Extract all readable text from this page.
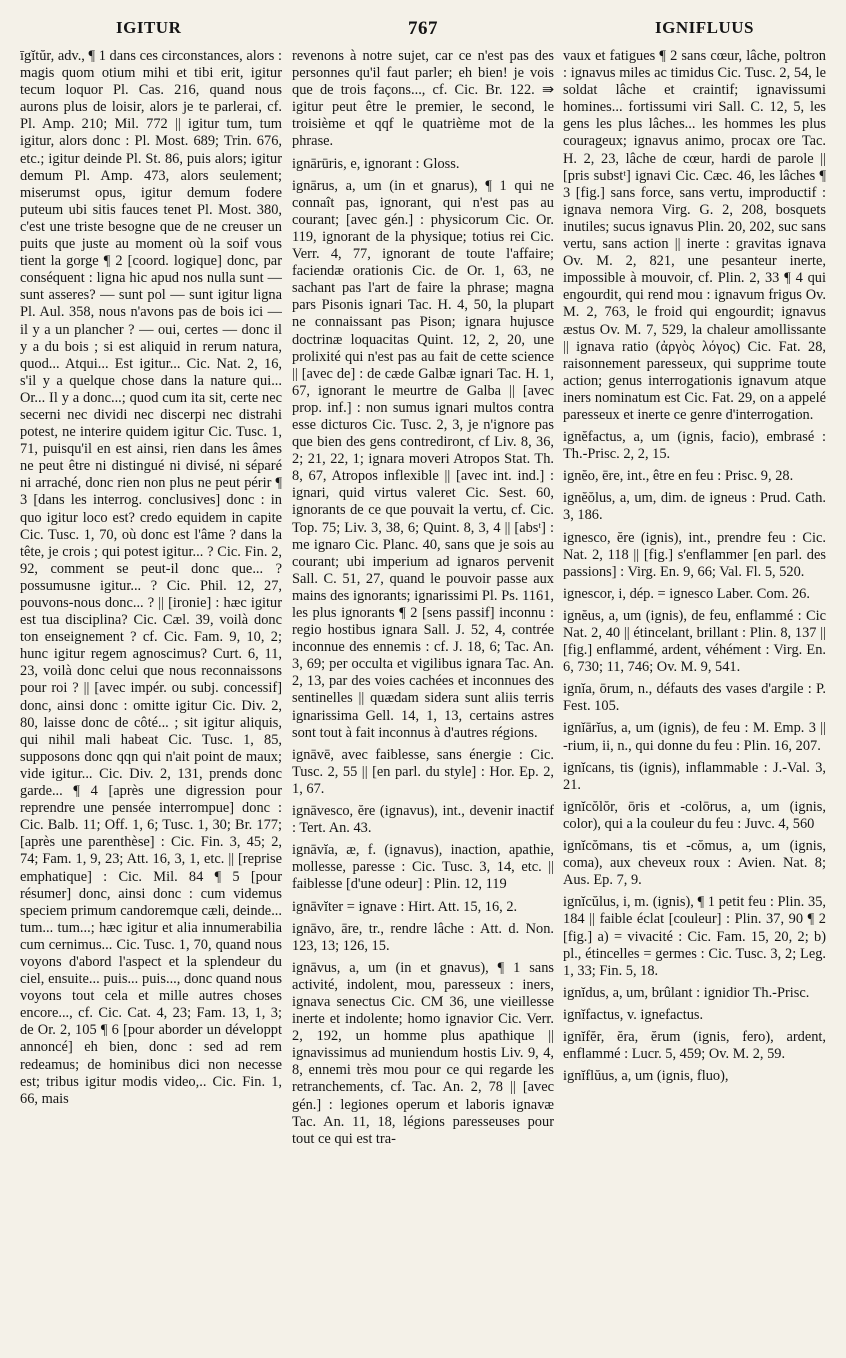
IGITUR	767	IGNIFLUUS

īgĭtŭr, adv., ¶ 1 dans ces circonstances, alors : magis quom otium mihi et tibi erit, igitur tecum loquor Pl. Cas. 216, quand nous aurons plus de loisir, alors je te parlerai, cf. Pl. Amp. 210; Mil. 772 || igitur tum, tum igitur, alors donc : Pl. Most. 689; Trin. 676, etc.; igitur deinde Pl. St. 86, puis alors; igitur demum Pl. Amp. 473, alors seulement; miserumst opus, igitur demum fodere puteum ubi sitis fauces tenet Pl. Most. 380, c'est une triste besogne que de ne creuser un puits que juste au moment où la soif vous tient la gorge ¶ 2 [coord. logique] donc, par conséquent : ligna hic apud nos nulla sunt — sunt asseres? — sunt pol — sunt igitur ligna Pl. Aul. 358, nous n'avons pas de bois ici — il y a un plancher ? — oui, certes — donc il y a du bois ; si est aliquid in rerum natura, quod... Atqui... Est igitur... Cic. Nat. 2, 16, s'il y a quelque chose dans la nature qui... Or... Il y a donc...; quod cum ita sit, certe nec secerni nec dividi nec discerpi nec distrahi potest, ne interire quidem igitur Cic. Tusc. 1, 71, puisqu'il en est ainsi, rien dans les âmes ne peut être ni distingué ni divisé, ni séparé ni arraché, donc rien non plus ne peut périr ¶ 3 [dans les interrog. conclusives] donc : in quo igitur loco est? credo equidem in capite Cic. Tusc. 1, 70, où donc est l'âme ? dans la tête, je crois ; qui potest igitur... ? Cic. Fin. 2, 92, comment se peut-il donc que... ? possumusne igitur... ? Cic. Phil. 12, 27, pouvons-nous donc... ? || [ironie] : hæc igitur est tua disciplina? Cic. Cæl. 39, voilà donc ton enseignement ? cf. Cic. Fam. 9, 10, 2; hunc igitur regem agnoscimus? Curt. 6, 11, 23, voilà donc celui que nous reconnaissons pour roi ? || [avec impér. ou subj. concessif] donc, ainsi donc : omitte igitur Cic. Div. 2, 80, laisse donc de côté... ; sit igitur aliquis, qui nihil mali habeat Cic. Tusc. 1, 85, supposons donc qqn qui n'ait point de maux; vide igitur... Cic. Div. 2, 131, prends donc garde... ¶ 4 [après une digression pour reprendre une pensée interrompue] donc : Cic. Balb. 11; Off. 1, 6; Tusc. 1, 30; Br. 177; [après une parenthèse] : Cic. Fin. 3, 45; 2, 74; Fam. 1, 9, 23; Att. 16, 3, 1, etc. || [reprise emphatique] : Cic. Mil. 84 ¶ 5 [pour résumer] donc, ainsi donc : cum videmus speciem primum candoremque cæli, deinde... tum... tum...; hæc igitur et alia innumerabilia cum cernimus... Cic. Tusc. 1, 70, quand nous voyons d'abord l'aspect et la splendeur du ciel, ensuite... puis... puis..., donc quand nous voyons tout cela et mille autres choses encore..., cf. Cic. Cat. 4, 23; Fam. 13, 1, 3; de Or. 2, 105 ¶ 6 [pour aborder un développt annoncé] eh bien, donc : sed ad rem redeamus; de hominibus dici non necesse est; tribus igitur modis video,.. Cic. Fin. 1, 66, mais

revenons à notre sujet, car ce n'est pas des personnes qu'il faut parler; eh bien! je vois que de trois façons..., cf. Cic. Br. 122. ⇛ igitur peut être le premier, le second, le troisième et qqf le quatrième mot de la phrase.

ignārūris, e, ignorant : Gloss.

ignārus, a, um (in et gnarus), ¶ 1 qui ne connaît pas, ignorant, qui n'est pas au courant; [avec gén.] : physicorum Cic. Or. 119, ignorant de la physique; totius rei Cic. Verr. 4, 77, ignorant de toute l'affaire; faciendæ orationis Cic. de Or. 1, 63, ne sachant pas l'art de faire la phrase; magna pars Pisonis ignari Tac. H. 4, 50, la plupart ne connaissant pas Pison; ignara hujusce doctrinæ loquacitas Quint. 12, 2, 20, une prolixité qui n'est pas au fait de cette science || [avec de] : de cæde Galbæ ignari Tac. H. 1, 67, ignorant le meurtre de Galba || [avec prop. inf.] : non sumus ignari multos contra esse dicturos Cic. Tusc. 2, 3, je n'ignore pas que bien des gens contrediront, cf Liv. 8, 36, 2; 21, 22, 1; ignara moveri Atropos Stat. Th. 8, 67, Atropos inflexible || [avec int. ind.] : ignari, quid virtus valeret Cic. Sest. 60, ignorants de ce que pouvait la vertu, cf. Cic. Top. 75; Liv. 3, 38, 6; Quint. 8, 3, 4 || [absᵗ] : me ignaro Cic. Planc. 40, sans que je sois au courant; ubi imperium ad ignaros pervenit Sall. C. 51, 27, quand le pouvoir passe aux mains des ignorants; ignarissimi Pl. Ps. 1161, les plus ignorants ¶ 2 [sens passif] inconnu : regio hostibus ignara Sall. J. 52, 4, contrée inconnue des ennemis : cf. J. 18, 6; Tac. An. 3, 69; per occulta et vigilibus ignara Tac. An. 2, 13, par des voies cachées et inconnues des sentinelles || quædam sidera sunt aliis terris ignarissima Gell. 14, 1, 13, certains astres sont tout à fait inconnus à d'autres régions.

ignāvē, avec faiblesse, sans énergie : Cic. Tusc. 2, 55 || [en parl. du style] : Hor. Ep. 2, 1, 67.

ignāvesco, ĕre (ignavus), int., devenir inactif : Tert. An. 43.

ignāvĭa, æ, f. (ignavus), inaction, apathie, mollesse, paresse : Cic. Tusc. 3, 14, etc. || faiblesse [d'une odeur] : Plin. 12, 119

ignāvĭter = ignave : Hirt. Att. 15, 16, 2.

ignāvo, āre, tr., rendre lâche : Att. d. Non. 123, 13; 126, 15.

ignāvus, a, um (in et gnavus), ¶ 1 sans activité, indolent, mou, paresseux : iners, ignava senectus Cic. CM 36, une vieillesse inerte et indolente; homo ignavior Cic. Verr. 2, 192, un homme plus apathique || ignavissimus ad muniendum hostis Liv. 9, 4, 8, ennemi très mou pour ce qui regarde les retranchements, cf. Tac. An. 2, 78 || [avec gén.] : legiones operum et laboris ignavæ Tac. An. 11, 18, légions paresseuses pour tout ce qui est tra-

vaux et fatigues ¶ 2 sans cœur, lâche, poltron : ignavus miles ac timidus Cic. Tusc. 2, 54, le soldat lâche et craintif; ignavissumi homines... fortissumi viri Sall. C. 12, 5, les gens les plus lâches... les hommes les plus courageux; ignavus animo, procax ore Tac. H. 2, 23, lâche de cœur, hardi de parole || [pris substᵗ] ignavi Cic. Cæc. 46, les lâches ¶ 3 [fig.] sans force, sans vertu, improductif : ignava nemora Virg. G. 2, 208, bosquets inutiles; sucus ignavus Plin. 20, 202, suc sans vertu, sans action || inerte : gravitas ignava Ov. M. 2, 821, une pesanteur inerte, impossible à mouvoir, cf. Plin. 2, 33 ¶ 4 qui engourdit, qui rend mou : ignavum frigus Ov. M. 2, 763, le froid qui engourdit; ignavus æstus Ov. M. 7, 529, la chaleur amollissante || ignava ratio (ἀργὸς λόγος) Cic. Fat. 28, raisonnement paresseux, qui supprime toute action; genus interrogationis ignavum atque iners nominatum est Cic. Fat. 29, on a appelé paresseux et inerte ce genre d'interrogation.

ignĕfactus, a, um (ignis, facio), embrasé : Th.-Prisc. 2, 2, 15.

ignĕo, ēre, int., être en feu : Prisc. 9, 28.

ignĕŏlus, a, um, dim. de igneus : Prud. Cath. 3, 186.

ignesco, ĕre (ignis), int., prendre feu : Cic. Nat. 2, 118 || [fig.] s'enflammer [en parl. des passions] : Virg. En. 9, 66; Val. Fl. 5, 520.

ignescor, i, dép. = ignesco Laber. Com. 26.

ignĕus, a, um (ignis), de feu, enflammé : Cic Nat. 2, 40 || étincelant, brillant : Plin. 8, 137 || [fig.] enflammé, ardent, véhément : Virg. En. 6, 730; 11, 746; Ov. M. 9, 541.

ignĭa, ōrum, n., défauts des vases d'argile : P. Fest. 105.

ignĭārĭus, a, um (ignis), de feu : M. Emp. 3 || -rium, ii, n., qui donne du feu : Plin. 16, 207.

ignĭcans, tis (ignis), inflammable : J.-Val. 3, 21.

ignĭcŏlŏr, ōris et -colōrus, a, um (ignis, color), qui a la couleur du feu : Juvc. 4, 560

ignĭcŏmans, tis et -cŏmus, a, um (ignis, coma), aux cheveux roux : Avien. Nat. 8; Aus. Ep. 7, 9.

ignĭcŭlus, i, m. (ignis), ¶ 1 petit feu : Plin. 35, 184 || faible éclat [couleur] : Plin. 37, 90 ¶ 2 [fig.] a) = vivacité : Cic. Fam. 15, 20, 2; b) pl., étincelles = germes : Cic. Tusc. 3, 2; Leg. 1, 33; Fin. 5, 18.

ignĭdus, a, um, brûlant : ignidior Th.-Prisc.

ignĭfactus, v. ignefactus.

ignĭfĕr, ĕra, ĕrum (ignis, fero), ardent, enflammé : Lucr. 5, 459; Ov. M. 2, 59.

ignĭflŭus, a, um (ignis, fluo),
